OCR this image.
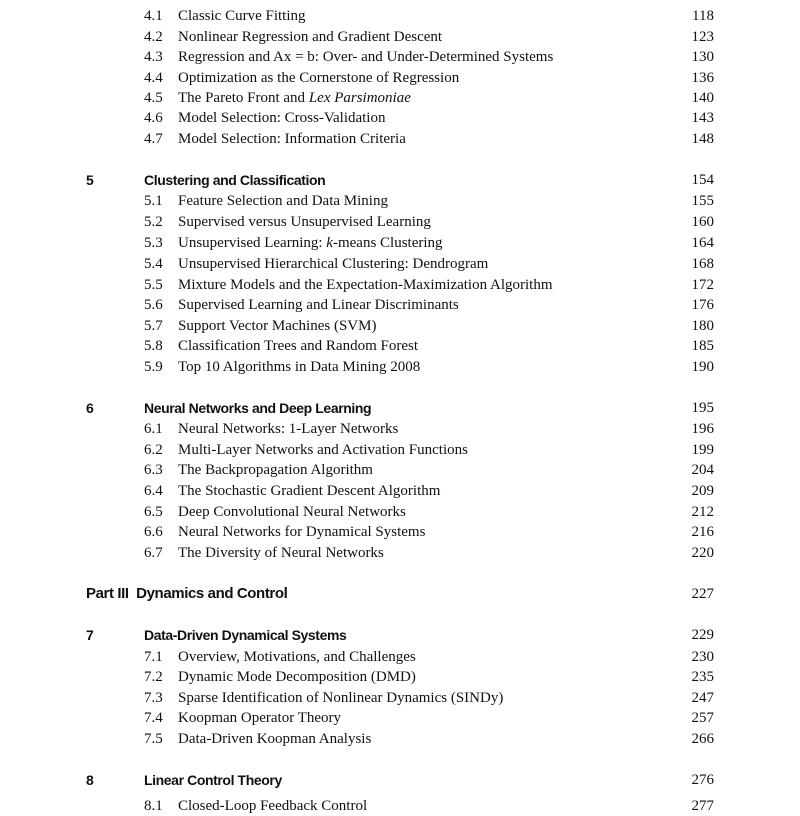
4.1 Classic Curve Fitting	118
4.2 Nonlinear Regression and Gradient Descent	123
4.3 Regression and Ax = b: Over- and Under-Determined Systems	130
4.4 Optimization as the Cornerstone of Regression	136
4.5 The Pareto Front and Lex Parsimoniae	140
4.6 Model Selection: Cross-Validation	143
4.7 Model Selection: Information Criteria	148
5	Clustering and Classification	154
5.1 Feature Selection and Data Mining	155
5.2 Supervised versus Unsupervised Learning	160
5.3 Unsupervised Learning: k-means Clustering	164
5.4 Unsupervised Hierarchical Clustering: Dendrogram	168
5.5 Mixture Models and the Expectation-Maximization Algorithm	172
5.6 Supervised Learning and Linear Discriminants	176
5.7 Support Vector Machines (SVM)	180
5.8 Classification Trees and Random Forest	185
5.9 Top 10 Algorithms in Data Mining 2008	190
6	Neural Networks and Deep Learning	195
6.1 Neural Networks: 1-Layer Networks	196
6.2 Multi-Layer Networks and Activation Functions	199
6.3 The Backpropagation Algorithm	204
6.4 The Stochastic Gradient Descent Algorithm	209
6.5 Deep Convolutional Neural Networks	212
6.6 Neural Networks for Dynamical Systems	216
6.7 The Diversity of Neural Networks	220
Part III  Dynamics and Control	227
7	Data-Driven Dynamical Systems	229
7.1 Overview, Motivations, and Challenges	230
7.2 Dynamic Mode Decomposition (DMD)	235
7.3 Sparse Identification of Nonlinear Dynamics (SINDy)	247
7.4 Koopman Operator Theory	257
7.5 Data-Driven Koopman Analysis	266
8	Linear Control Theory	276
8.1 Closed-Loop Feedback Control	277
